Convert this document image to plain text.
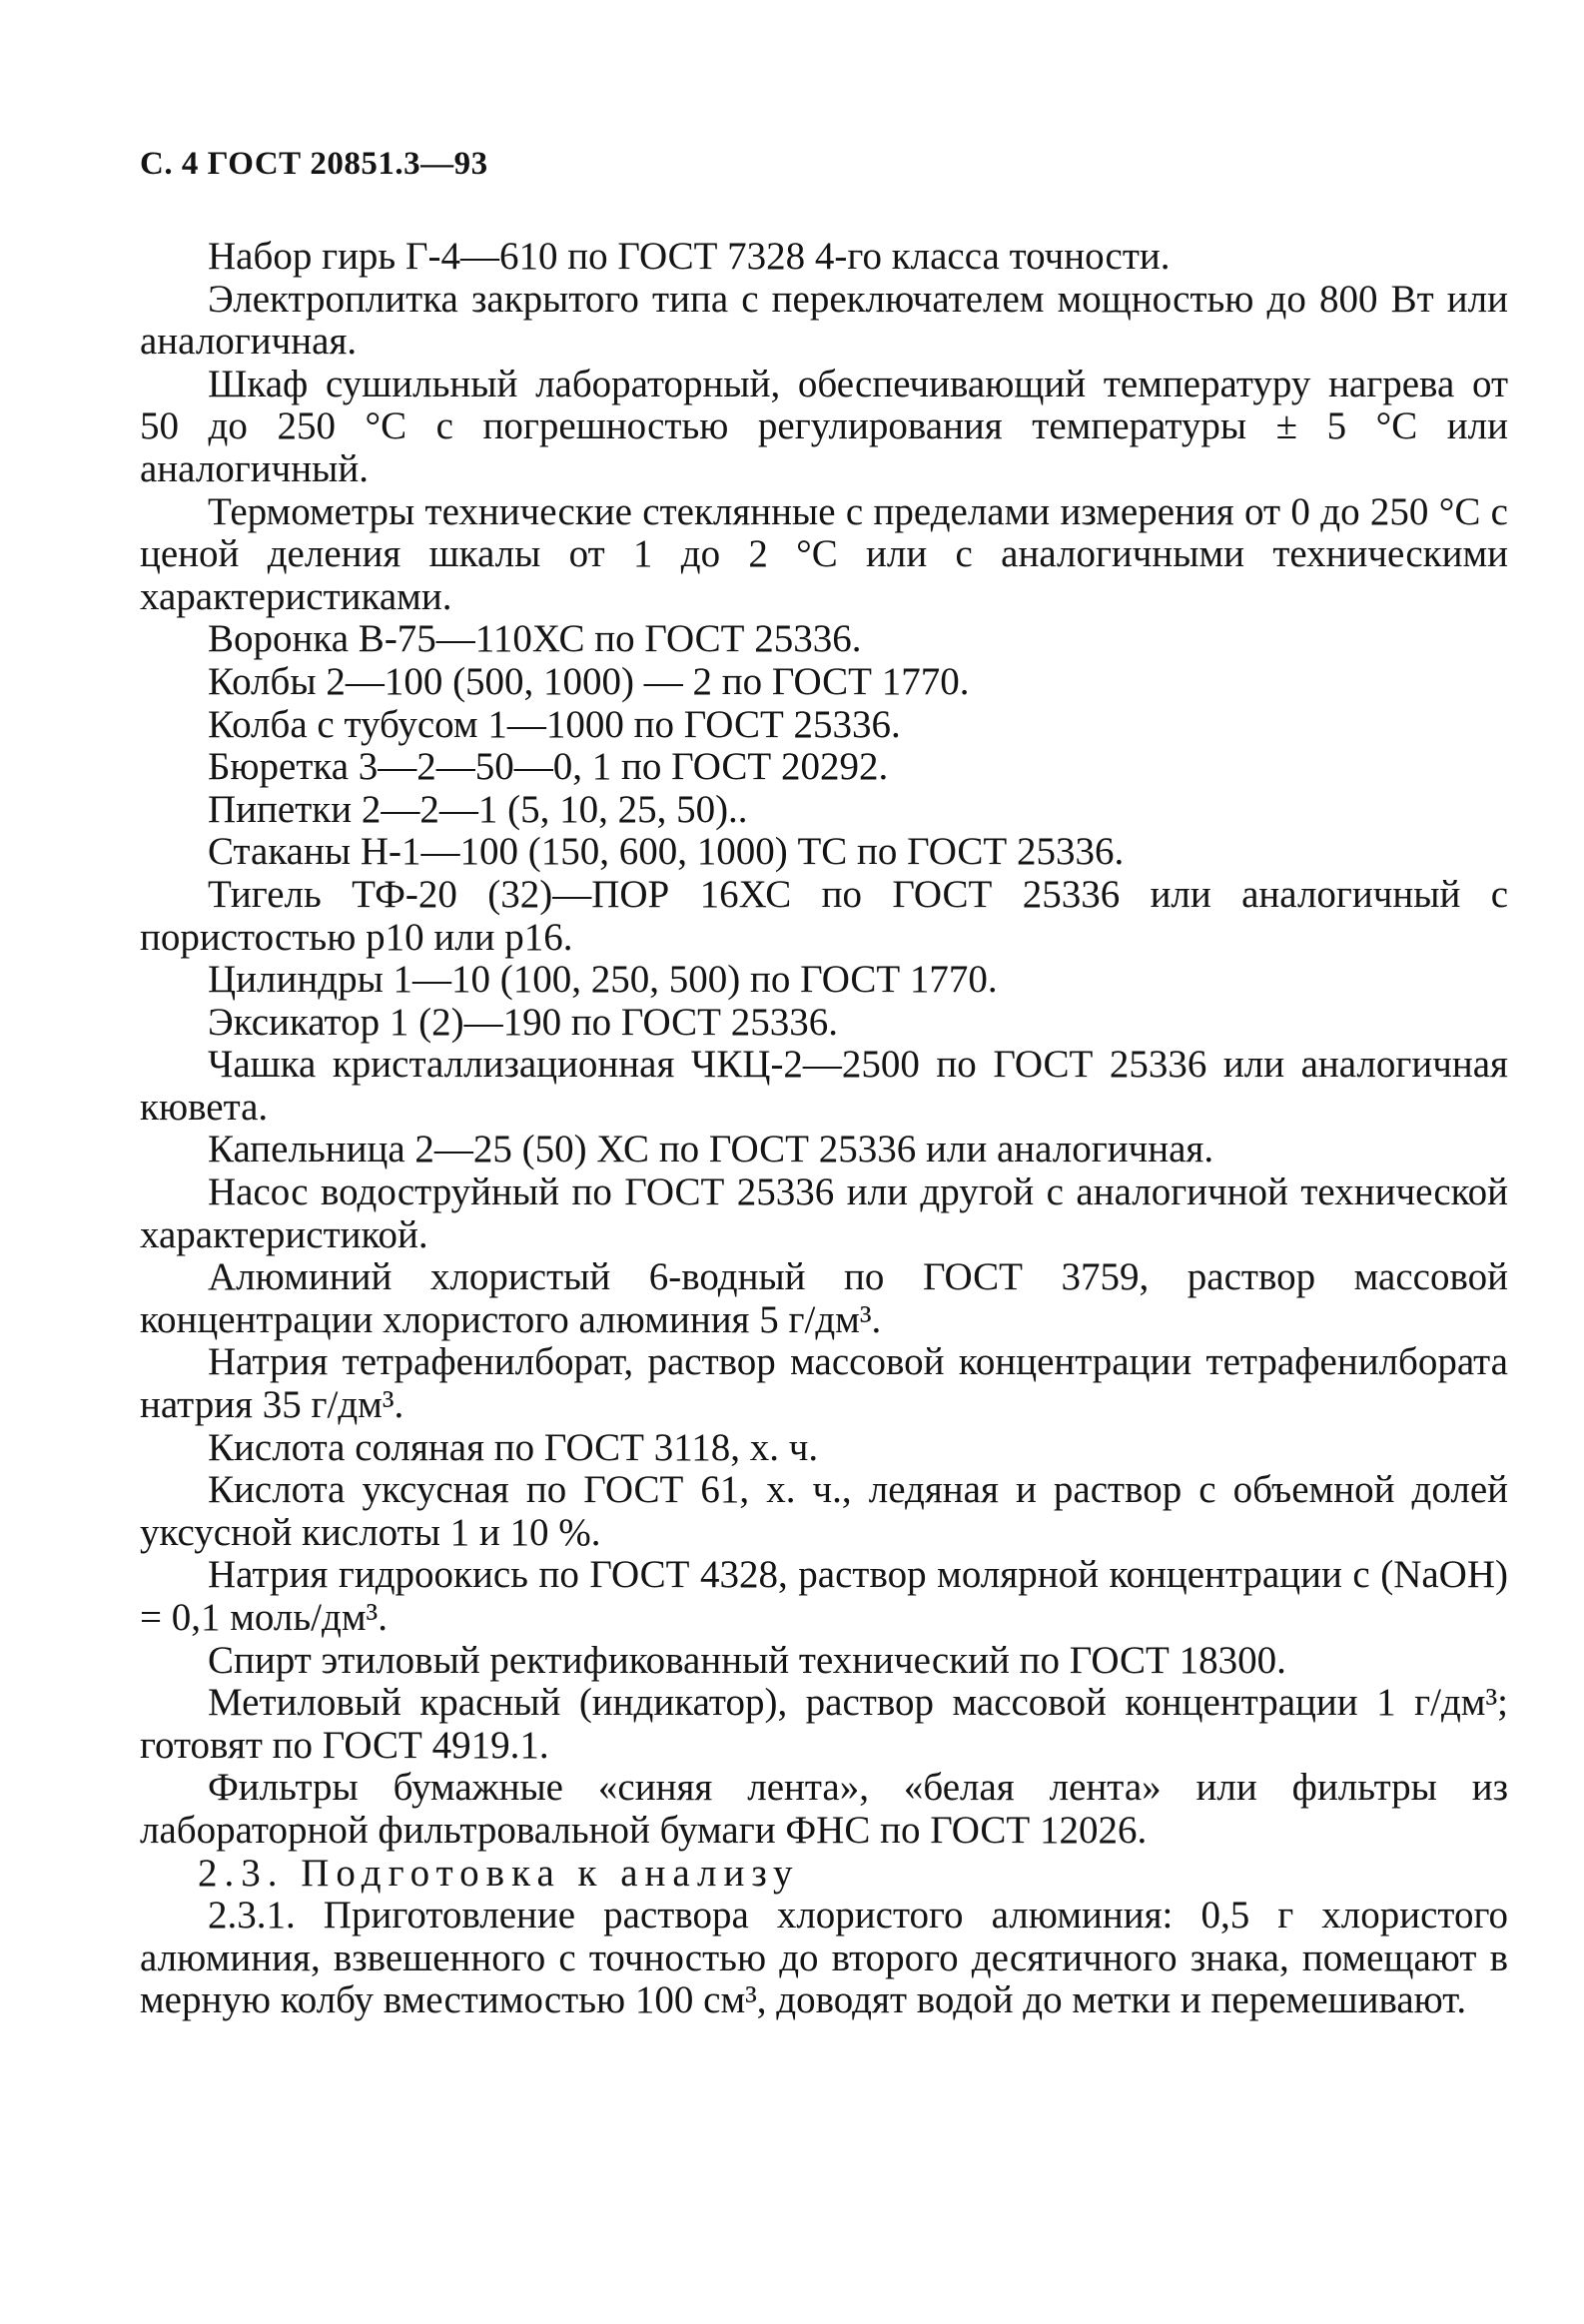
С. 4 ГОСТ 20851.3—93

Набор гирь Г-4—610 по ГОСТ 7328 4-го класса точности.

Электроплитка закрытого типа с переключателем мощностью до 800 Вт или аналогичная.

Шкаф сушильный лабораторный, обеспечивающий температуру нагрева от 50 до 250 °С с погрешностью регулирования температуры ± 5 °С или аналогичный.

Термометры технические стеклянные с пределами измерения от 0 до 250 °С с ценой деления шкалы от 1 до 2 °С или с аналогичными техническими характеристиками.

Воронка В-75—110ХС по ГОСТ 25336.

Колбы 2—100 (500, 1000) — 2 по ГОСТ 1770.

Колба с тубусом 1—1000 по ГОСТ 25336.

Бюретка 3—2—50—0, 1 по ГОСТ 20292.

Пипетки 2—2—1 (5, 10, 25, 50)..

Стаканы Н-1—100 (150, 600, 1000) ТС по ГОСТ 25336.

Тигель ТФ-20 (32)—ПОР 16ХС по ГОСТ 25336 или аналогичный с пористостью р10 или р16.

Цилиндры 1—10 (100, 250, 500) по ГОСТ 1770.

Эксикатор 1 (2)—190 по ГОСТ 25336.

Чашка кристаллизационная ЧКЦ-2—2500 по ГОСТ 25336 или аналогичная кювета.

Капельница 2—25 (50) ХС по ГОСТ 25336 или аналогичная.

Насос водоструйный по ГОСТ 25336 или другой с аналогичной технической характеристикой.

Алюминий хлористый 6-водный по ГОСТ 3759, раствор массовой концентрации хлористого алюминия 5 г/дм³.

Натрия тетрафенилборат, раствор массовой концентрации тетрафенилбората натрия 35 г/дм³.

Кислота соляная по ГОСТ 3118, х. ч.

Кислота уксусная по ГОСТ 61, х. ч., ледяная и раствор с объемной долей уксусной кислоты 1 и 10 %.

Натрия гидроокись по ГОСТ 4328, раствор молярной концентрации с (NaOH) = 0,1 моль/дм³.

Спирт этиловый ректификованный технический по ГОСТ 18300.

Метиловый красный (индикатор), раствор массовой концентрации 1 г/дм³; готовят по ГОСТ 4919.1.

Фильтры бумажные «синяя лента», «белая лента» или фильтры из лабораторной фильтровальной бумаги ФНС по ГОСТ 12026.

2.3. Подготовка к анализу

2.3.1. Приготовление раствора хлористого алюминия: 0,5 г хлористого алюминия, взвешенного с точностью до второго десятичного знака, помещают в мерную колбу вместимостью 100 см³, доводят водой до метки и перемешивают.
